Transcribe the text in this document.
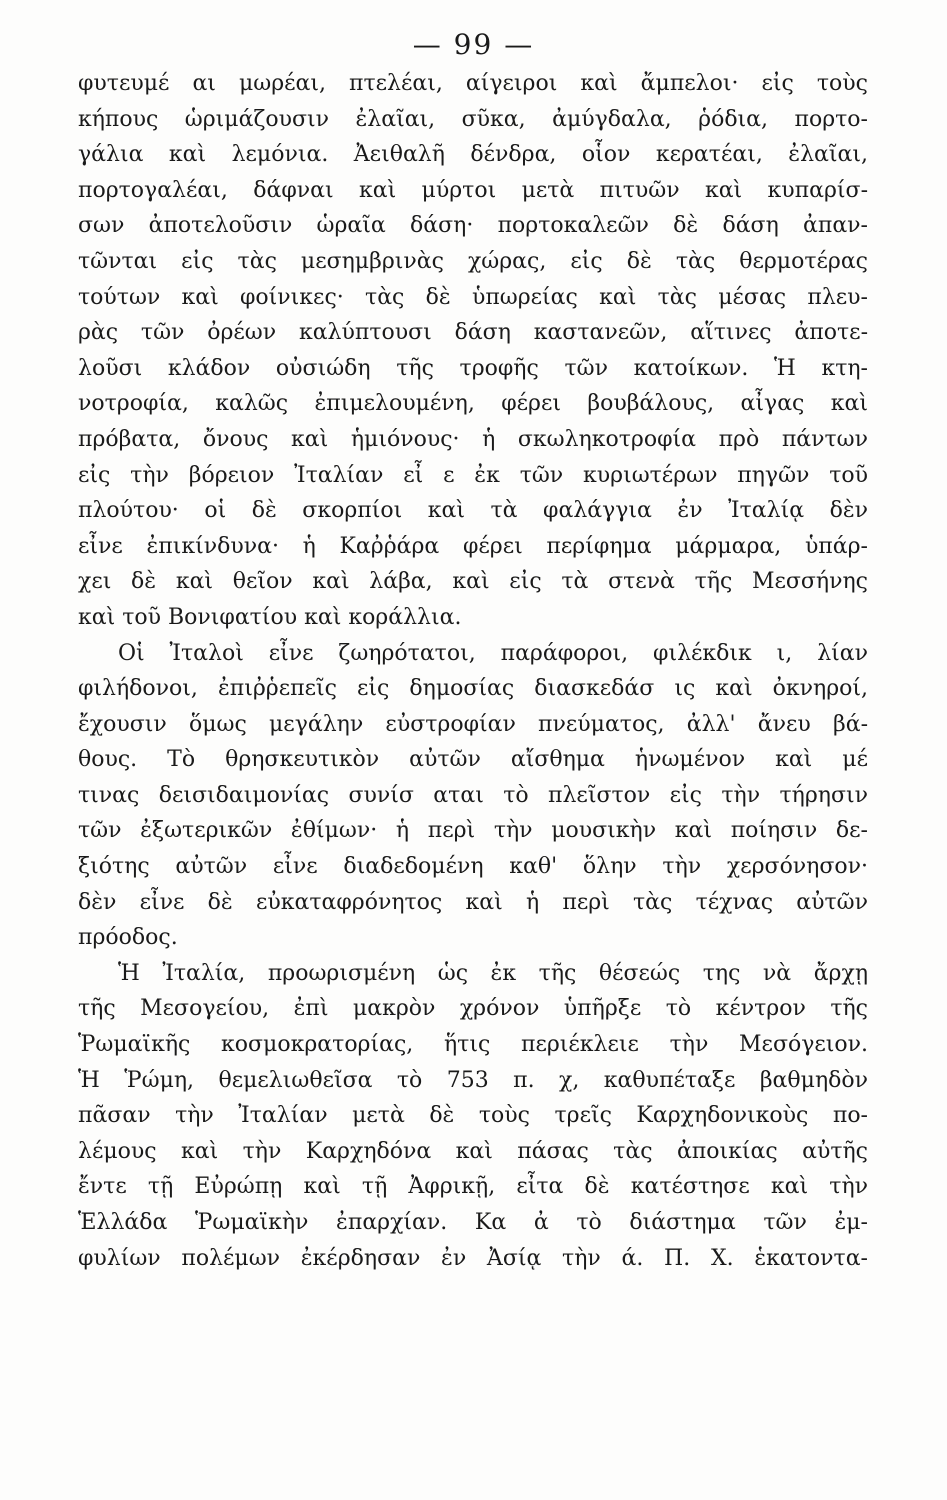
— 99 —
φυτευμέ αι μωρέαι, πτελέαι, αίγειροι καὶ ἄμπελοι· εἰς τοὺς
κήπους ὡριμάζουσιν ἐλαῖαι, σῦκα, ἀμύγδαλα, ῥόδια, πορτο-
γάλια καὶ λεμόνια. Ἀειθαλῆ δένδρα, οἷον κερατέαι, ἐλαῖαι,
πορτογαλέαι, δάφναι καὶ μύρτοι μετὰ πιτυῶν καὶ κυπαρίσ-
σων ἀποτελοῦσιν ὡραῖα δάση· πορτοκαλεῶν δὲ δάση ἀπαν-
τῶνται εἰς τὰς μεσημβρινὰς χώρας, εἰς δὲ τὰς θερμοτέρας
τούτων καὶ φοίνικες· τὰς δὲ ὑπωρείας καὶ τὰς μέσας πλευ-
ρὰς τῶν ὀρέων καλύπτουσι δάση καστανεῶν, αἵτινες ἀποτε-
λοῦσι κλάδον οὐσιώδη τῆς τροφῆς τῶν κατοίκων. Ἡ κτη-
νοτροφία, καλῶς ἐπιμελουμένη, φέρει βουβάλους, αἶγας καὶ
πρόβατα, ὄνους καὶ ἡμιόνους· ἡ σκωληκοτροφία πρὸ πάντων
εἰς τὴν βόρειον Ἰταλίαν εἶ ε ἐκ τῶν κυριωτέρων πηγῶν τοῦ
πλούτου· οἱ δὲ σκορπίοι καὶ τὰ φαλάγγια ἐν Ἰταλίᾳ δὲν
εἶνε ἐπικίνδυνα· ἡ Καῤῥάρα φέρει περίφημα μάρμαρα, ὑπάρ-
χει δὲ καὶ θεῖον καὶ λάβα, καὶ εἰς τὰ στενὰ τῆς Μεσσήνης
καὶ τοῦ Βονιφατίου καὶ κοράλλια.
Οἱ Ἰταλοὶ εἶνε ζωηρότατοι, παράφοροι, φιλέκδικ ι, λίαν
φιλήδονοι, ἐπιῤῥεπεῖς εἰς δημοσίας διασκεδάσ ις καὶ ὀκνηροί,
ἔχουσιν ὅμως μεγάλην εὐστροφίαν πνεύματος, ἀλλ' ἄνευ βά-
θους. Τὸ θρησκευτικὸν αὐτῶν αἴσθημα ἡνωμένον καὶ μέ
τινας δεισιδαιμονίας συνίσ αται τὸ πλεῖστον εἰς τὴν τήρησιν
τῶν ἐξωτερικῶν ἐθίμων· ἡ περὶ τὴν μουσικὴν καὶ ποίησιν δε-
ξιότης αὐτῶν εἶνε διαδεδομένη καθ' ὅλην τὴν χερσόνησον·
δὲν εἶνε δὲ εὐκαταφρόνητος καὶ ἡ περὶ τὰς τέχνας αὐτῶν
πρόοδος.
Ἡ Ἰταλία, προωρισμένη ὡς ἐκ τῆς θέσεώς της νὰ ἄρχῃ
τῆς Μεσογείου, ἐπὶ μακρὸν χρόνον ὑπῆρξε τὸ κέντρον τῆς
Ῥωμαϊκῆς κοσμοκρατορίας, ἥτις περιέκλειε τὴν Μεσόγειον.
Ἡ Ῥώμη, θεμελιωθεῖσα τὸ 753 π. χ, καθυπέταξε βαθμηδὸν
πᾶσαν τὴν Ἰταλίαν μετὰ δὲ τοὺς τρεῖς Καρχηδονικοὺς πο-
λέμους καὶ τὴν Καρχηδόνα καὶ πάσας τὰς ἀποικίας αὐτῆς
ἔντε τῇ Εὐρώπῃ καὶ τῇ Ἀφρικῇ, εἶτα δὲ κατέστησε καὶ τὴν
Ἑλλάδα Ῥωμαϊκὴν ἐπαρχίαν. Κα ἀ τὸ διάστημα τῶν ἐμ-
φυλίων πολέμων ἐκέρδησαν ἐν Ἀσίᾳ τὴν ά. Π. Χ. ἑκατοντα-
